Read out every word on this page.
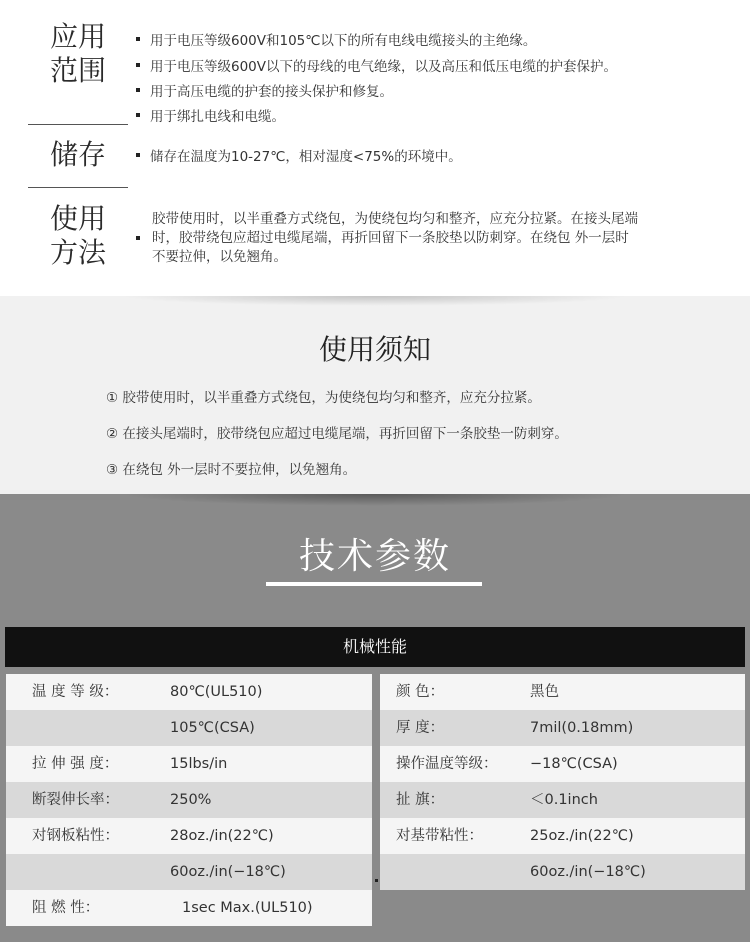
应用
范围
用于电压等级600V和105℃以下的所有电线电缆接头的主绝缘。
用于电压等级600V以下的母线的电气绝缘，以及高压和低压电缆的护套保护。
用于高压电缆的护套的接头保护和修复。
用于绑扎电线和电缆。
储存	储存在温度为10-27℃，相对湿度<75%的环境中。
使用
方法
胶带使用时，以半重叠方式绕包，为使绕包均匀和整齐，应充分拉紧。在接头尾端
时，胶带绕包应超过电缆尾端，再折回留下一条胶垫以防刺穿。在绕包 外一层时
不要拉伸，以免翘角。
使用须知
① 胶带使用时，以半重叠方式绕包，为使绕包均匀和整齐，应充分拉紧。
② 在接头尾端时，胶带绕包应超过电缆尾端，再折回留下一条胶垫一防刺穿。
③ 在绕包 外一层时不要拉伸，以免翘角。
技术参数
机械性能
温 度 等 级：	80℃(UL510)
105℃(CSA)
拉 伸 强 度：	15lbs/in
断裂伸长率：	250%
对钢板粘性：	28oz./in(22℃)
60oz./in(−18℃)
阻 燃 性：	1sec Max.(UL510)
颜 色：	黑色
厚 度：	7mil(0.18mm)
操作温度等级： −18℃(CSA)
扯 旗：	＜0.1inch
对基带粘性：	25oz./in(22℃)
60oz./in(−18℃)
